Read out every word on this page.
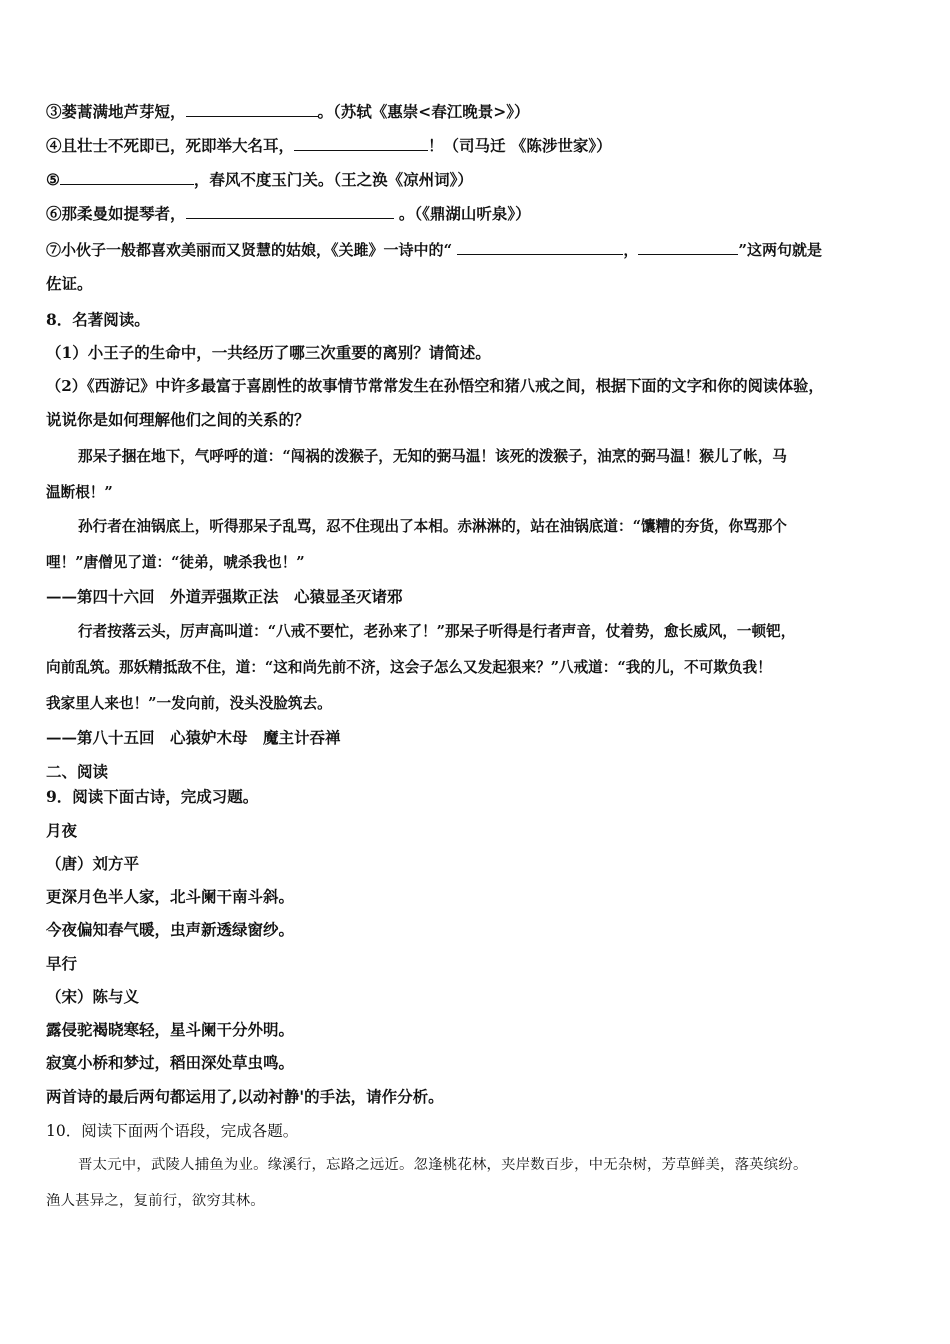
③蒌蒿满地芦芽短，	。（苏轼《惠崇<春江晚景>》）
④且壮士不死即已，死即举大名耳，	！（司马迁 《陈涉世家》）
⑤	，春风不度玉门关。（王之涣《凉州词》）
⑥那柔曼如提琴者，	。（《鼎湖山听泉》）
⑦小伙子一般都喜欢美丽而又贤慧的姑娘，《关雎》一诗中的“	，	”这两句就是
佐证。
8．名著阅读。
（1）小王子的生命中，一共经历了哪三次重要的离别？请简述。
（2）《西游记》中许多最富于喜剧性的故事情节常常发生在孙悟空和猪八戒之间，根据下面的文字和你的阅读体验，
说说你是如何理解他们之间的关系的？
那呆子捆在地下，气呼呼的道：“闯祸的泼猴子，无知的弼马温！该死的泼猴子，油烹的弼马温！猴儿了帐，马
温断根！”
孙行者在油锅底上，听得那呆子乱骂，忍不住现出了本相。赤淋淋的，站在油锅底道：“馕糟的夯货，你骂那个
哩！”唐僧见了道：“徒弟，唬杀我也！”
——第四十六回　外道弄强欺正法　心猿显圣灭诸邪
行者按落云头，厉声高叫道：“八戒不要忙，老孙来了！”那呆子听得是行者声音，仗着势，愈长威风，一顿钯，
向前乱筑。那妖精抵敌不住，道：“这和尚先前不济，这会子怎么又发起狠来？”八戒道：“我的儿，不可欺负我！
我家里人来也！”一发向前，没头没脸筑去。
——第八十五回　心猿妒木母　魔主计吞禅
二、阅读
9．阅读下面古诗，完成习题。
月夜
（唐）刘方平
更深月色半人家，北斗阑干南斗斜。
今夜偏知春气暖，虫声新透绿窗纱。
早行
（宋）陈与义
露侵驼褐晓寒轻，星斗阑干分外明。
寂寞小桥和梦过，稻田深处草虫鸣。
两首诗的最后两句都运用了,以动衬静'的手法，请作分析。
10．阅读下面两个语段，完成各题。
晋太元中，武陵人捕鱼为业。缘溪行，忘路之远近。忽逢桃花林，夹岸数百步，中无杂树，芳草鲜美，落英缤纷。
渔人甚异之，复前行，欲穷其林。
